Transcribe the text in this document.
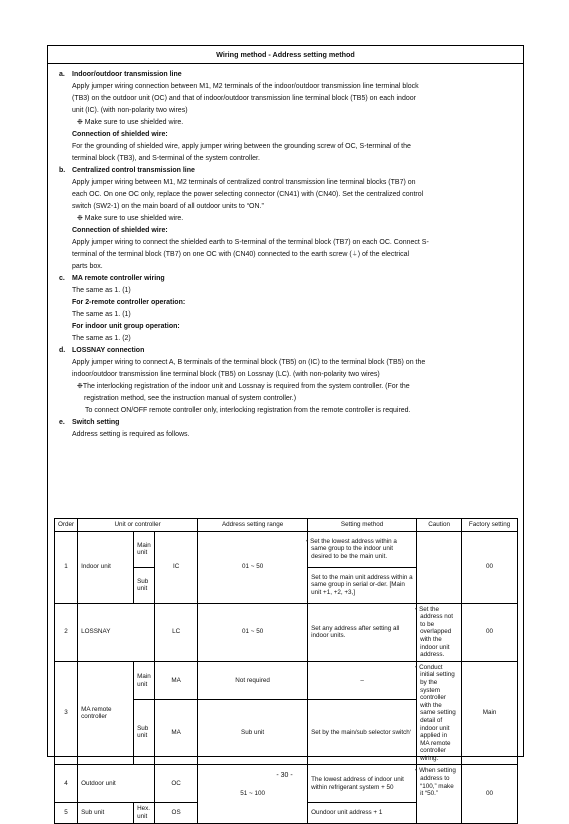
Wiring method - Address setting method
a. Indoor/outdoor transmission line
Apply jumper wiring connection between M1, M2 terminals of the indoor/outdoor transmission line terminal block
(TB3) on the outdoor unit (OC) and that of indoor/outdoor transmission line terminal block (TB5) on each indoor
unit (IC). (with non-polarity two wires)
❉ Make sure to use shielded wire.
Connection of shielded wire:
For the grounding of shielded wire, apply jumper wiring between the grounding screw of OC, S-terminal of the
terminal block (TB3), and S-terminal of the system controller.
b. Centralized control transmission line
Apply jumper wiring between M1, M2 terminals of centralized control transmission line terminal blocks (TB7) on
each OC. On one OC only, replace the power selecting connector (CN41) with (CN40). Set the centralized control
switch (SW2-1) on the main board of all outdoor units to “ON.”
❉ Make sure to use shielded wire.
Connection of shielded wire:
Apply jumper wiring to connect the shielded earth to S-terminal of the terminal block (TB7) on each OC. Connect S-
terminal of the terminal block (TB7) on one OC with (CN40) connected to the earth screw (⏚) of the electrical
parts box.
c. MA remote controller wiring
The same as 1. (1)
For 2-remote controller operation:
The same as 1. (1)
For indoor unit group operation:
The same as 1. (2)
d. LOSSNAY connection
Apply jumper wiring to connect A, B terminals of the terminal block (TB5) on (IC) to the terminal block (TB5) on the
indoor/outdoor transmission line terminal block (TB5) on Lossnay (LC). (with non-polarity two wires)
❉The interlocking registration of the indoor unit and Lossnay is required from the system controller. (For the
registration method, see the instruction manual of system controller.)
To connect ON/OFF remote controller only, interlocking registration from the remote controller is required.
e. Switch setting
Address setting is required as follows.
Order	Unit or controller			Address setting range	Setting method	Caution	Factory setting
1	Indoor unit	Main unit	IC	01 ~ 50	• Set the lowest address within a same group to the indoor unit desired to be the main unit.		00
		Sub unit			Set to the main unit address within a same group in serial or-der. [Main unit +1, +2, +3,]		
2	LOSSNAY		LC	01 ~ 50	Set any address after setting all indoor units.	• Set the address not to be overlapped with the indoor unit address.	00
3	MA remote controller	Main unit	MA	Not required	–	• Conduct initial setting by the system controller with the same setting detail of indoor unit applied in MA remote controller wiring.	Main
		Sub unit	MA	Sub unit	Set by the main/sub selector switch‘		
4	Outdoor unit		OC	51 ~ 100	The lowest address of indoor unit within refrigerant system + 50	• When setting address to “100,” make it “50.”	00
5	Sub unit	Hex. unit	OS		Oundoor unit address + 1		
- 30 -
